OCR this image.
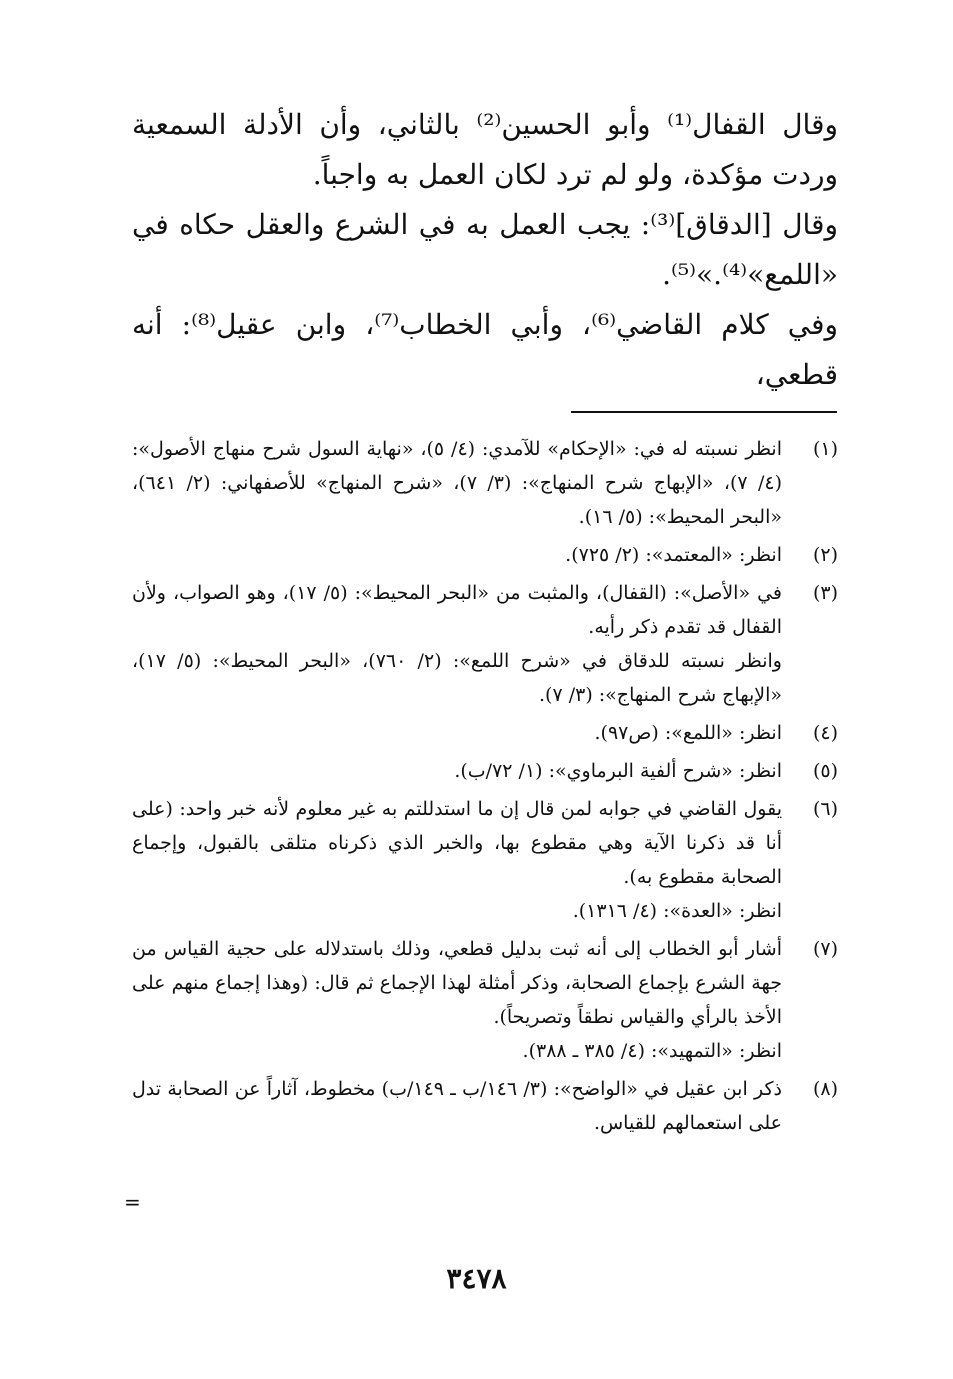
وقال القفال⁽¹⁾ وأبو الحسين⁽²⁾ بالثاني، وأن الأدلة السمعية وردت مؤكدة، ولو لم ترد لكان العمل به واجباً.

وقال [الدقاق]⁽³⁾: يجب العمل به في الشرع والعقل حكاه في «اللمع»⁽⁴⁾.»⁽⁵⁾.

وفي كلام القاضي⁽⁶⁾، وأبي الخطاب⁽⁷⁾، وابن عقيل⁽⁸⁾: أنه قطعي،

(١)

انظر نسبته له في: «الإحكام» للآمدي: (٤/ ٥)، «نهاية السول شرح منهاج الأصول»: (٤/ ٧)، «الإبهاج شرح المنهاج»: (٣/ ٧)، «شرح المنهاج» للأصفهاني: (٢/ ٦٤١)، «البحر المحيط»: (٥/ ١٦).

(٢)

انظر: «المعتمد»: (٢/ ٧٢٥).

(٣)

في «الأصل»: (القفال)، والمثبت من «البحر المحيط»: (٥/ ١٧)، وهو الصواب، ولأن القفال قد تقدم ذكر رأيه.

وانظر نسبته للدقاق في «شرح اللمع»: (٢/ ٧٦٠)، «البحر المحيط»: (٥/ ١٧)، «الإبهاج شرح المنهاج»: (٣/ ٧).

(٤)

انظر: «اللمع»: (ص٩٧).

(٥)

انظر: «شرح ألفية البرماوي»: (١/ ٧٢/ب).

(٦)

يقول القاضي في جوابه لمن قال إن ما استدللتم به غير معلوم لأنه خبر واحد: (على أنا قد ذكرنا الآية وهي مقطوع بها، والخبر الذي ذكرناه متلقى بالقبول، وإجماع الصحابة مقطوع به).

انظر: «العدة»: (٤/ ١٣١٦).

(٧)

أشار أبو الخطاب إلى أنه ثبت بدليل قطعي، وذلك باستدلاله على حجية القياس من جهة الشرع بإجماع الصحابة، وذكر أمثلة لهذا الإجماع ثم قال: (وهذا إجماع منهم على الأخذ بالرأي والقياس نطقاً وتصريحاً).

انظر: «التمهيد»: (٤/ ٣٨٥ ـ ٣٨٨).

(٨)

ذكر ابن عقيل في «الواضح»: (٣/ ١٤٦/ب ـ ١٤٩/ب) مخطوط، آثاراً عن الصحابة تدل على استعمالهم للقياس.

=
٣٤٧٨
